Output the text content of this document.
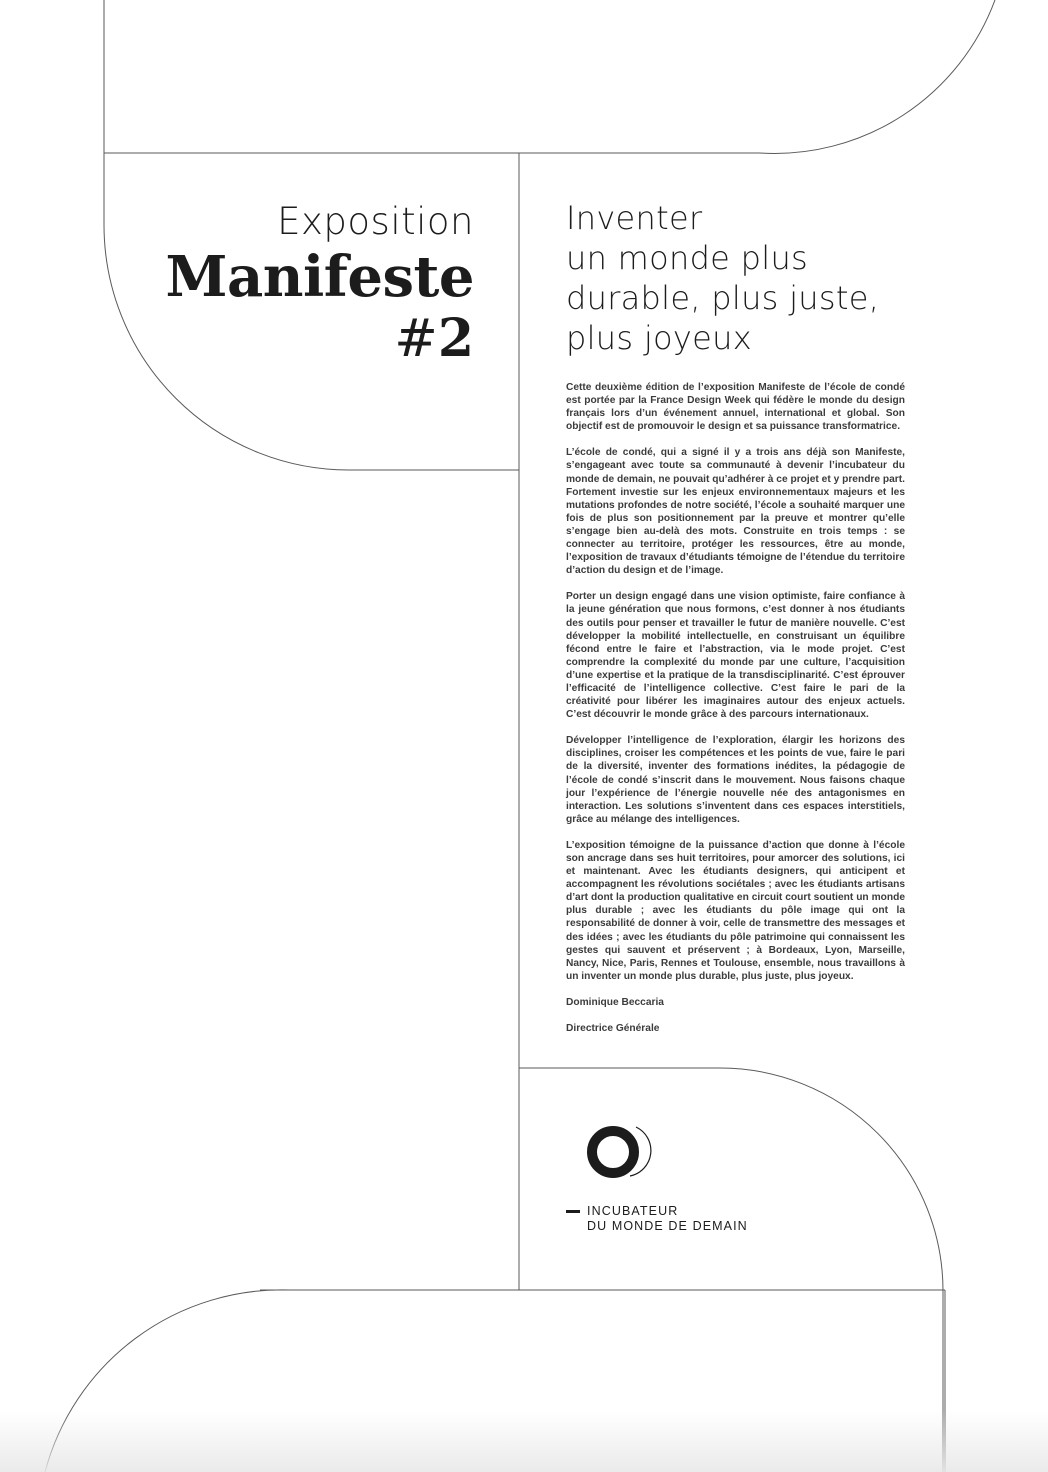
Exposition
Manifeste
#2
Inventer
un monde plus
durable, plus juste,
plus joyeux

Cette deuxième édition de l’exposition Manifeste de l’école de condé est portée par la France Design Week qui fédère le monde du design français lors d’un événement annuel, international et global. Son objectif est de promouvoir le design et sa puissance transformatrice.

L’école de condé, qui a signé il y a trois ans déjà son Manifeste, s’engageant avec toute sa communauté à devenir l’incubateur du monde de demain, ne pouvait qu’adhérer à ce projet et y prendre part. Fortement investie sur les enjeux environnementaux majeurs et les mutations profondes de notre société, l’école a souhaité marquer une fois de plus son positionnement par la preuve et montrer qu’elle s’engage bien au-delà des mots. Construite en trois temps : se connecter au territoire, protéger les ressources, être au monde, l’exposition de travaux d’étudiants témoigne de l’étendue du territoire d’action du design et de l’image.

Porter un design engagé dans une vision optimiste, faire confiance à la jeune génération que nous formons, c’est donner à nos étudiants des outils pour penser et travailler le futur de manière nouvelle. C’est développer la mobilité intellectuelle, en construisant un équilibre fécond entre le faire et l’abstraction, via le mode projet. C’est comprendre la complexité du monde par une culture, l’acquisition d’une expertise et la pratique de la transdisciplinarité. C’est éprouver l’efficacité de l’intelligence collective. C’est faire le pari de la créativité pour libérer les imaginaires autour des enjeux actuels. C’est découvrir le monde grâce à des parcours internationaux.

Développer l’intelligence de l’exploration, élargir les horizons des disciplines, croiser les compétences et les points de vue, faire le pari de la diversité, inventer des formations inédites, la pédagogie de l’école de condé s’inscrit dans le mouvement. Nous faisons chaque jour l’expérience de l’énergie nouvelle née des antagonismes en interaction. Les solutions s’inventent dans ces espaces interstitiels, grâce au mélange des intelligences.

L’exposition témoigne de la puissance d’action que donne à l’école son ancrage dans ses huit territoires, pour amorcer des solutions, ici et maintenant. Avec les étudiants designers, qui anticipent et accompagnent les révolutions sociétales ; avec les étudiants artisans d’art dont la production qualitative en circuit court soutient un monde plus durable ; avec les étudiants du pôle image qui ont la responsabilité de donner à voir, celle de transmettre des messages et des idées ; avec les étudiants du pôle patrimoine qui connaissent les gestes qui sauvent et préservent ; à Bordeaux, Lyon, Marseille, Nancy, Nice, Paris, Rennes et Toulouse, ensemble, nous travaillons à un inventer un monde plus durable, plus juste, plus joyeux.

Dominique Beccaria

Directrice Générale

INCUBATEUR
DU MONDE DE DEMAIN
